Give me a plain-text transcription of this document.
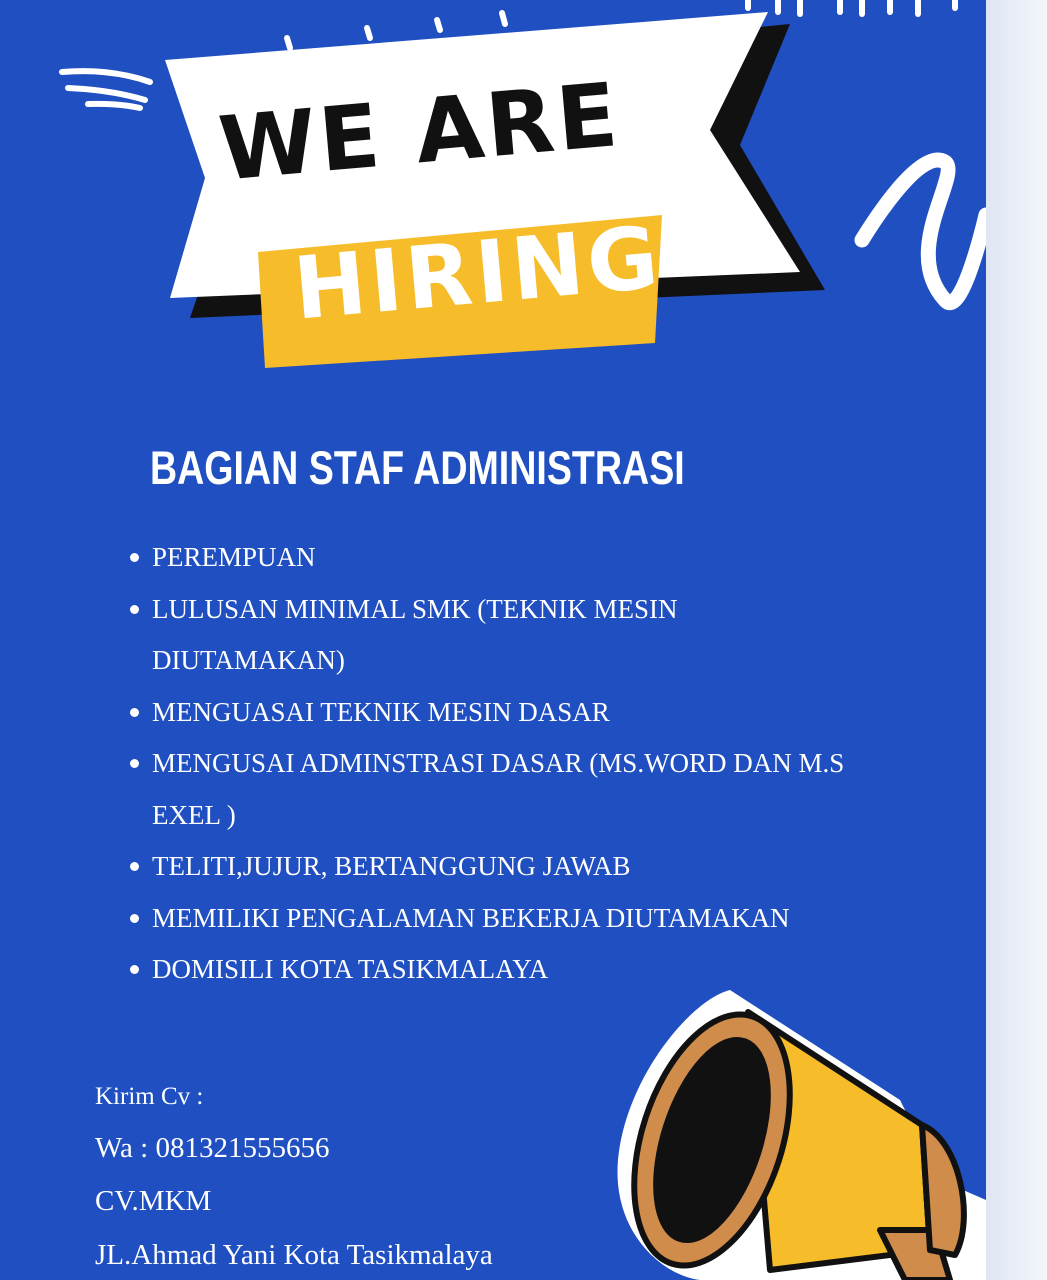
WE ARE
HIRING
BAGIAN STAF ADMINISTRASI
PEREMPUAN
LULUSAN MINIMAL SMK (TEKNIK MESIN DIUTAMAKAN)
MENGUASAI TEKNIK MESIN DASAR
MENGUSAI ADMINSTRASI DASAR (MS.WORD DAN M.S EXEL )
TELITI,JUJUR, BERTANGGUNG JAWAB
MEMILIKI PENGALAMAN BEKERJA DIUTAMAKAN
DOMISILI KOTA TASIKMALAYA
Kirim Cv :
Wa : 081321555656
CV.MKM
JL.Ahmad Yani Kota Tasikmalaya
